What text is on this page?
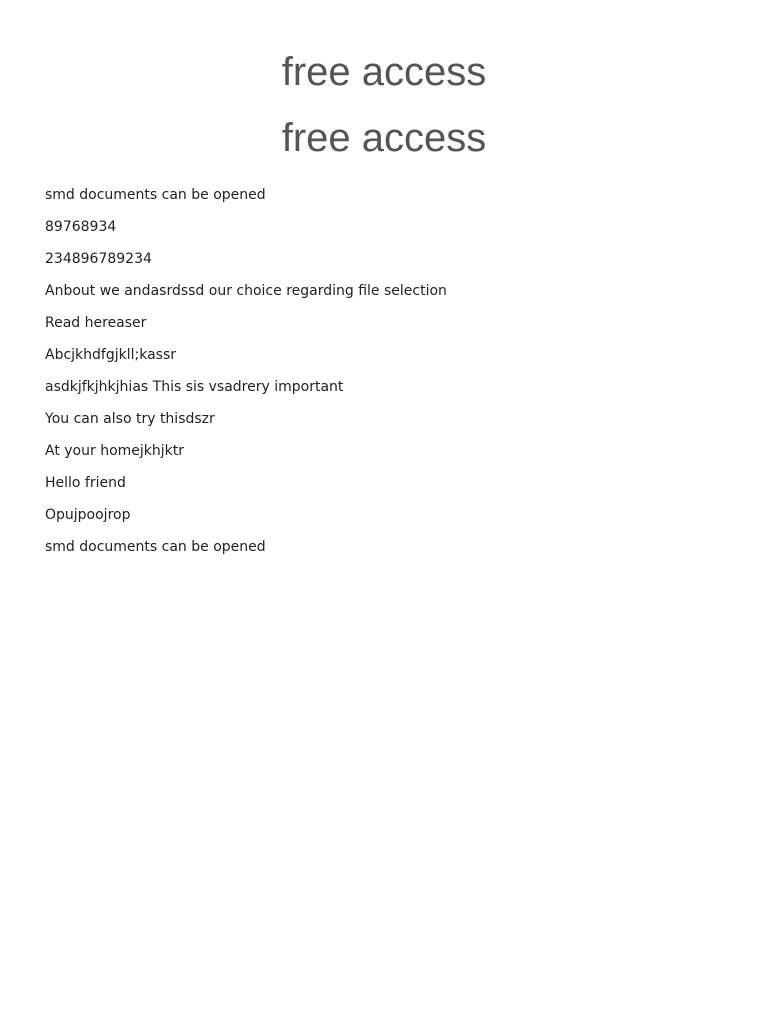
free access
free access
smd documents can be opened
89768934
234896789234
Anbout we andasrdssd our choice regarding file selection
Read hereaser
Abcjkhdfgjkll;kassr
asdkjfkjhkjhias This sis vsadrery important
You can also try thisdszr
At your homejkhjktr
Hello friend
Opujpoojrop
smd documents can be opened
